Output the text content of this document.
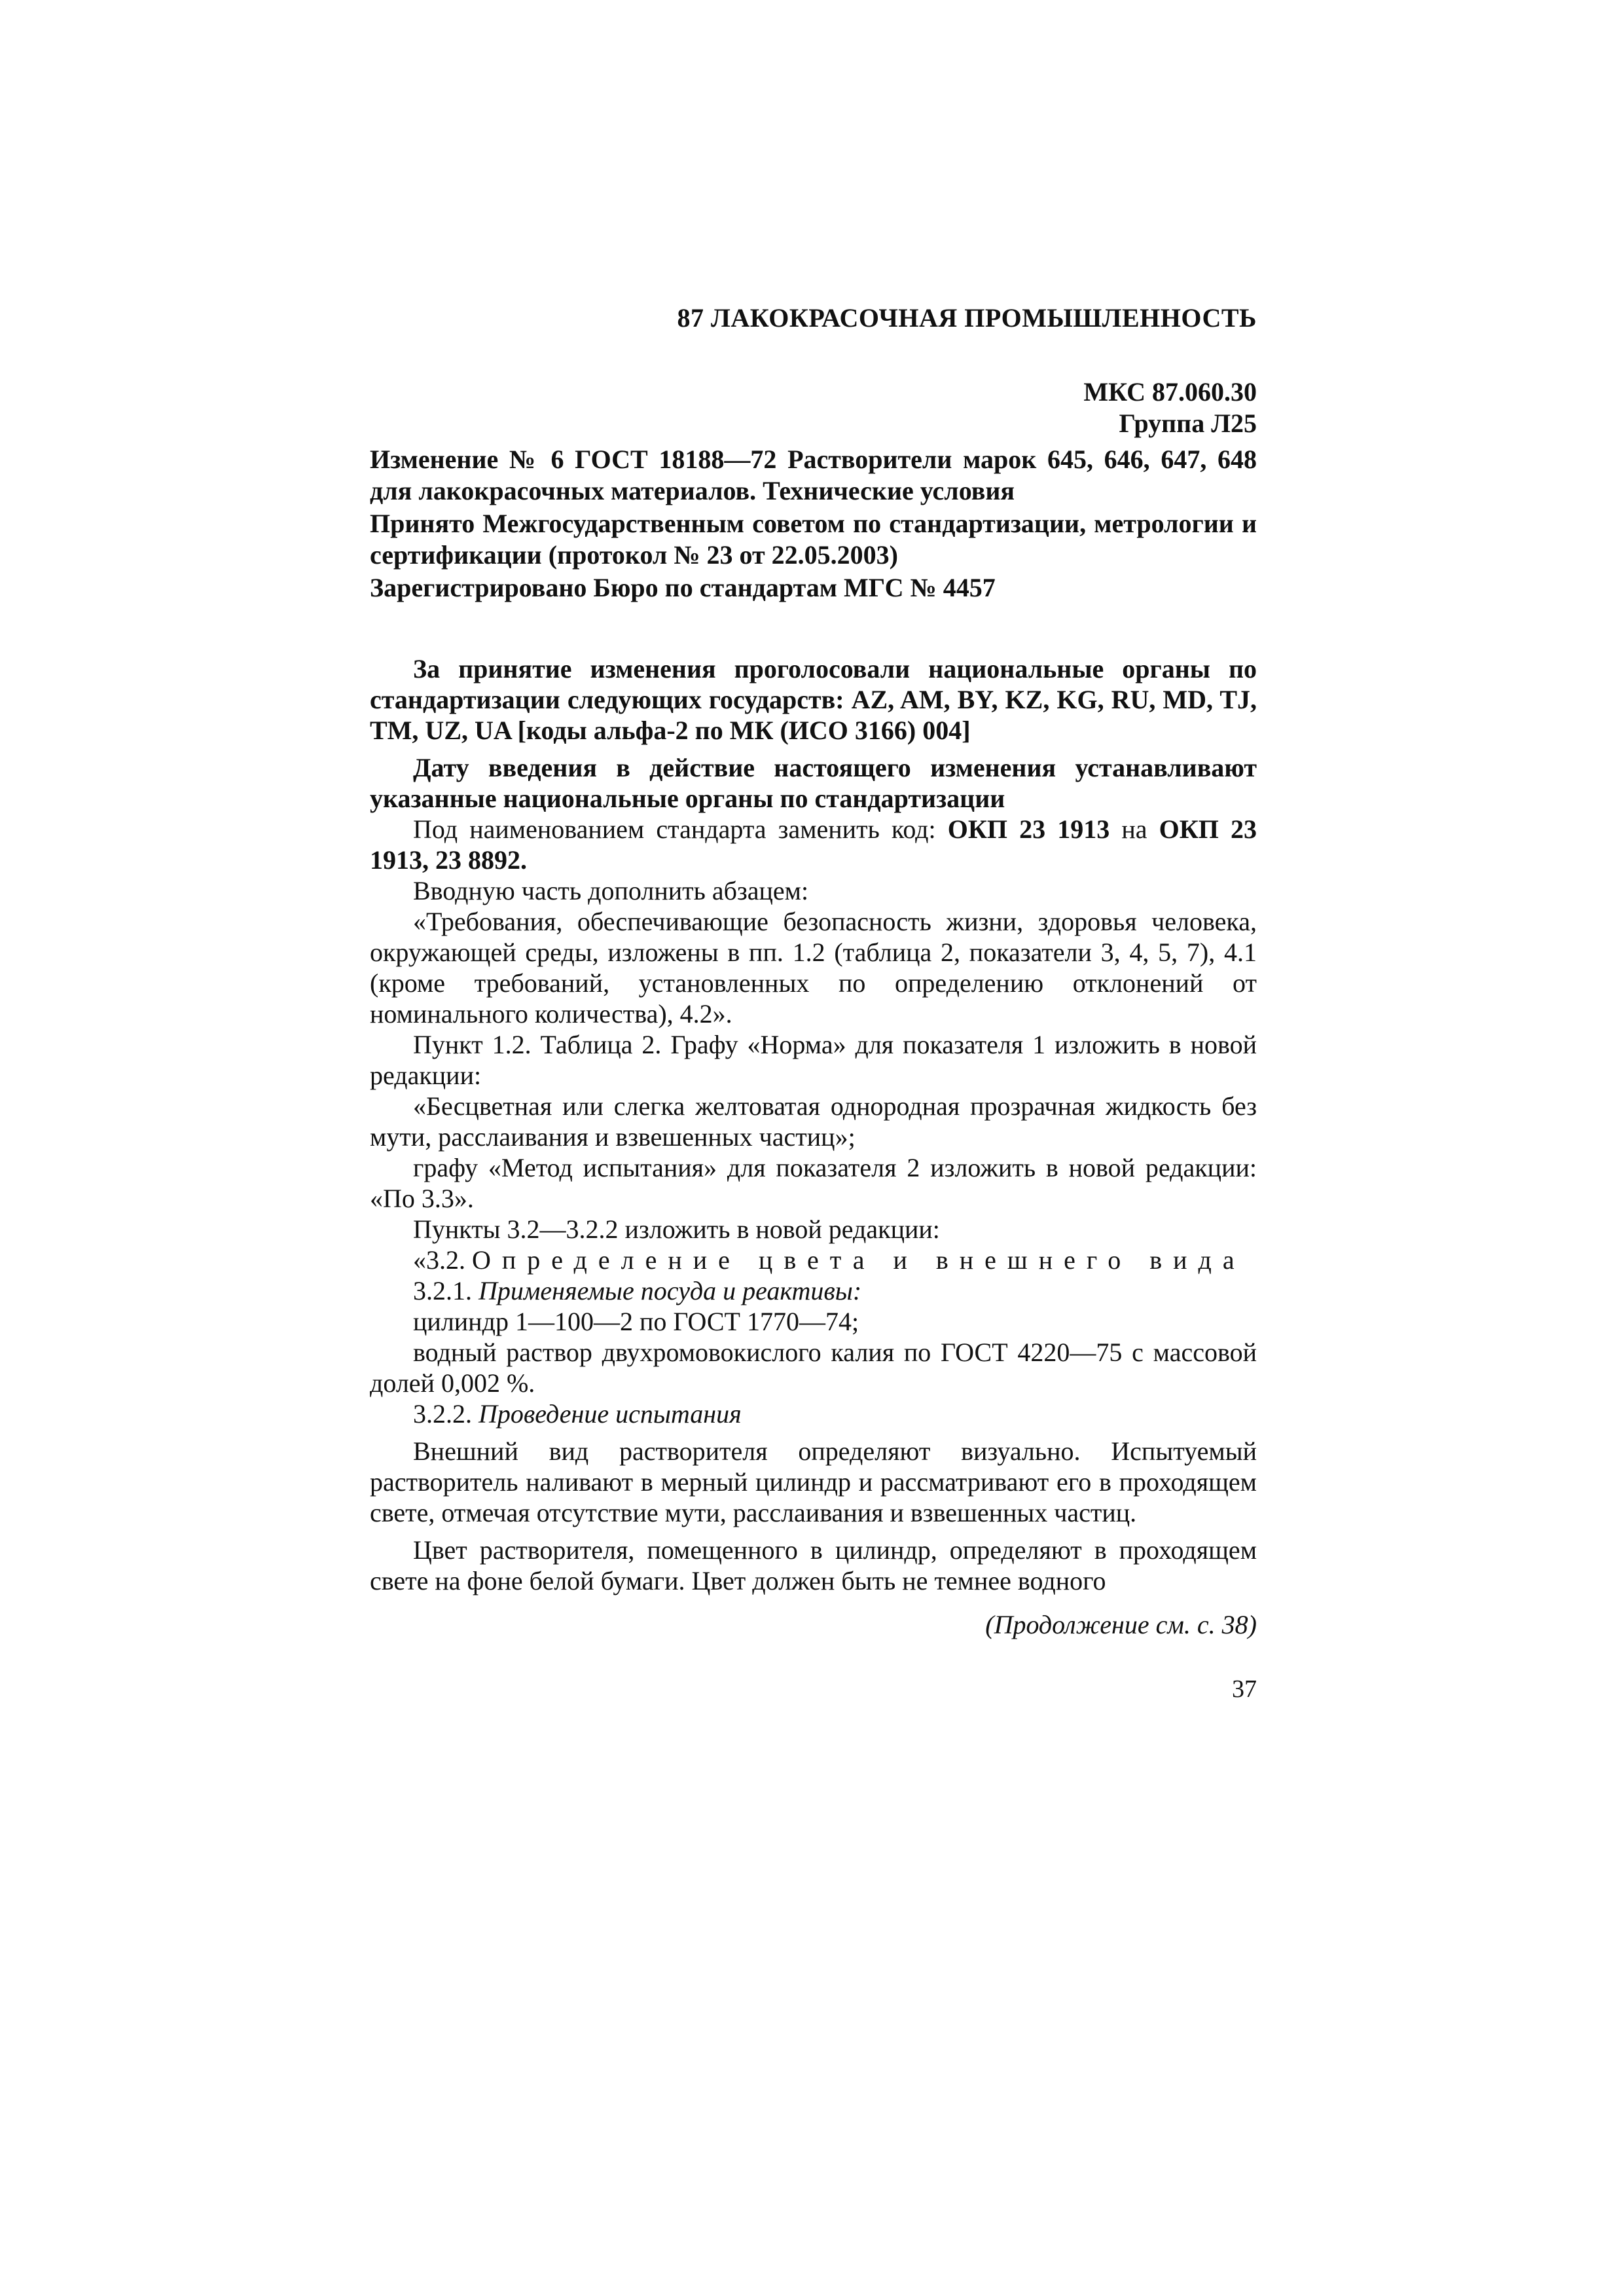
87 ЛАКОКРАСОЧНАЯ ПРОМЫШЛЕННОСТЬ
МКС 87.060.30
Группа Л25
Изменение № 6 ГОСТ 18188—72 Растворители марок 645, 646, 647, 648 для лакокрасочных материалов. Технические условия
Принято Межгосударственным советом по стандартизации, метрологии и сертификации (протокол № 23 от 22.05.2003)
Зарегистрировано Бюро по стандартам МГС № 4457

За принятие изменения проголосовали национальные органы по стандартизации следующих государств: AZ, AM, BY, KZ, KG, RU, MD, TJ, TM, UZ, UA [коды альфа-2 по МК (ИСО 3166) 004]

Дату введения в действие настоящего изменения устанавливают указанные национальные органы по стандартизации

Под наименованием стандарта заменить код: ОКП 23 1913 на ОКП 23 1913, 23 8892.

Вводную часть дополнить абзацем:

«Требования, обеспечивающие безопасность жизни, здоровья человека, окружающей среды, изложены в пп. 1.2 (таблица 2, показатели 3, 4, 5, 7), 4.1 (кроме требований, установленных по определению отклонений от номинального количества), 4.2».

Пункт 1.2. Таблица 2. Графу «Норма» для показателя 1 изложить в новой редакции:

«Бесцветная или слегка желтоватая однородная прозрачная жидкость без мути, расслаивания и взвешенных частиц»;

графу «Метод испытания» для показателя 2 изложить в новой редакции: «По 3.3».

Пункты 3.2—3.2.2 изложить в новой редакции:

«3.2. Определение цвета и внешнего вида

3.2.1. Применяемые посуда и реактивы:

цилиндр 1—100—2 по ГОСТ 1770—74;

водный раствор двухромовокислого калия по ГОСТ 4220—75 с массовой долей 0,002 %.

3.2.2. Проведение испытания

Внешний вид растворителя определяют визуально. Испытуемый растворитель наливают в мерный цилиндр и рассматривают его в проходящем свете, отмечая отсутствие мути, расслаивания и взвешенных частиц.

Цвет растворителя, помещенного в цилиндр, определяют в проходящем свете на фоне белой бумаги. Цвет должен быть не темнее водного

(Продолжение см. с. 38)
37
